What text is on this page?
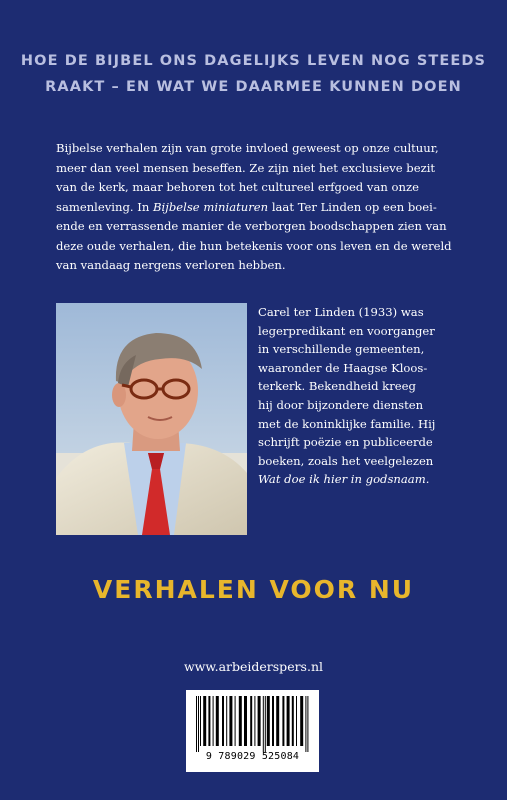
HOE DE BIJBEL ONS DAGELIJKS LEVEN NOG STEEDS
RAAKT – EN WAT WE DAARMEE KUNNEN DOEN
Bijbelse verhalen zijn van grote invloed geweest op onze cultuur,
meer dan veel mensen beseffen. Ze zijn niet het exclusieve bezit
van de kerk, maar behoren tot het cultureel erfgoed van onze
samenleving. In Bijbelse miniaturen laat Ter Linden op een boei-
ende en verrassende manier de verborgen boodschappen zien van
deze oude verhalen, die hun betekenis voor ons leven en de wereld
van vandaag nergens verloren hebben.
Carel ter Linden (1933) was
legerpredikant en voorganger
in verschillende gemeenten,
waaronder de Haagse Kloos-
terkerk. Bekendheid kreeg
hij door bijzondere diensten
met de koninklijke familie. Hij
schrijft poëzie en publiceerde
boeken, zoals het veelgelezen
Wat doe ik hier in godsnaam.
VERHALEN VOOR NU
www.arbeiderspers.nl
9 789029 525084
